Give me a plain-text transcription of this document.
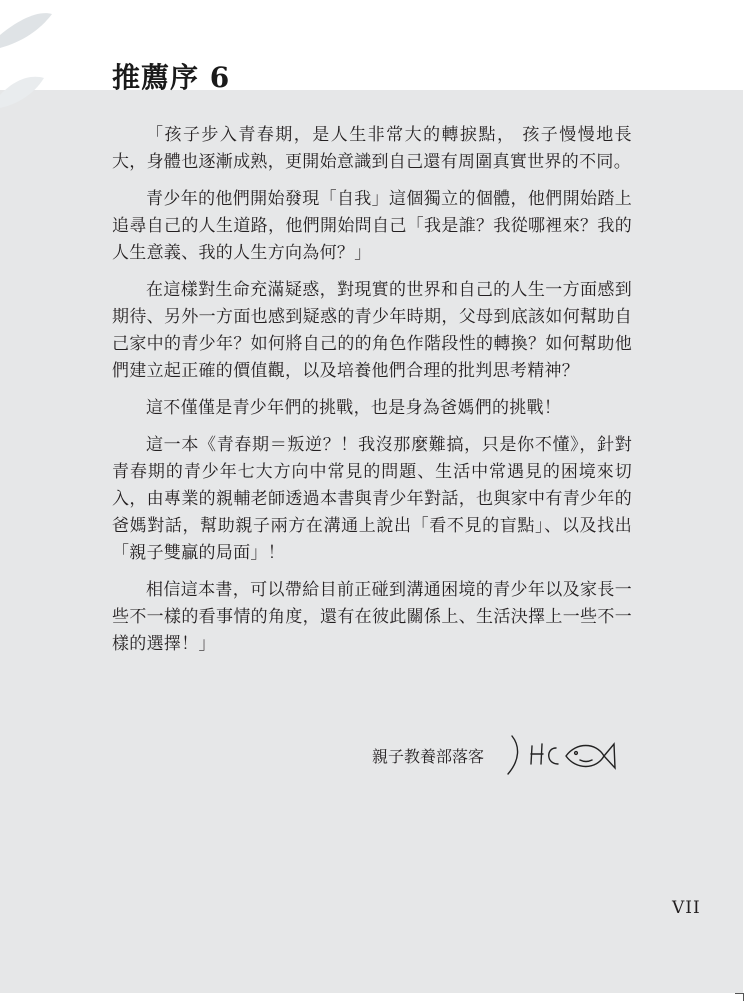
推薦序 6

「孩子步入青春期，是人生非常大的轉捩點， 孩子慢慢地長大，身體也逐漸成熟，更開始意識到自己還有周圍真實世界的不同。

青少年的他們開始發現「自我」這個獨立的個體，他們開始踏上追尋自己的人生道路，他們開始問自己「我是誰？我從哪裡來？我的人生意義、我的人生方向為何？」

在這樣對生命充滿疑惑，對現實的世界和自己的人生一方面感到期待、另外一方面也感到疑惑的青少年時期，父母到底該如何幫助自己家中的青少年？如何將自己的的角色作階段性的轉換？如何幫助他們建立起正確的價值觀，以及培養他們合理的批判思考精神？

這不僅僅是青少年們的挑戰，也是身為爸媽們的挑戰！

這一本《青春期＝叛逆？！我沒那麼難搞，只是你不懂》，針對青春期的青少年七大方向中常見的問題、生活中常遇見的困境來切入，由專業的親輔老師透過本書與青少年對話，也與家中有青少年的爸媽對話，幫助親子兩方在溝通上說出「看不見的盲點」、以及找出「親子雙贏的局面」！

相信這本書，可以帶給目前正碰到溝通困境的青少年以及家長一些不一樣的看事情的角度，還有在彼此關係上、生活決擇上一些不一樣的選擇！」

親子教養部落客
VII
